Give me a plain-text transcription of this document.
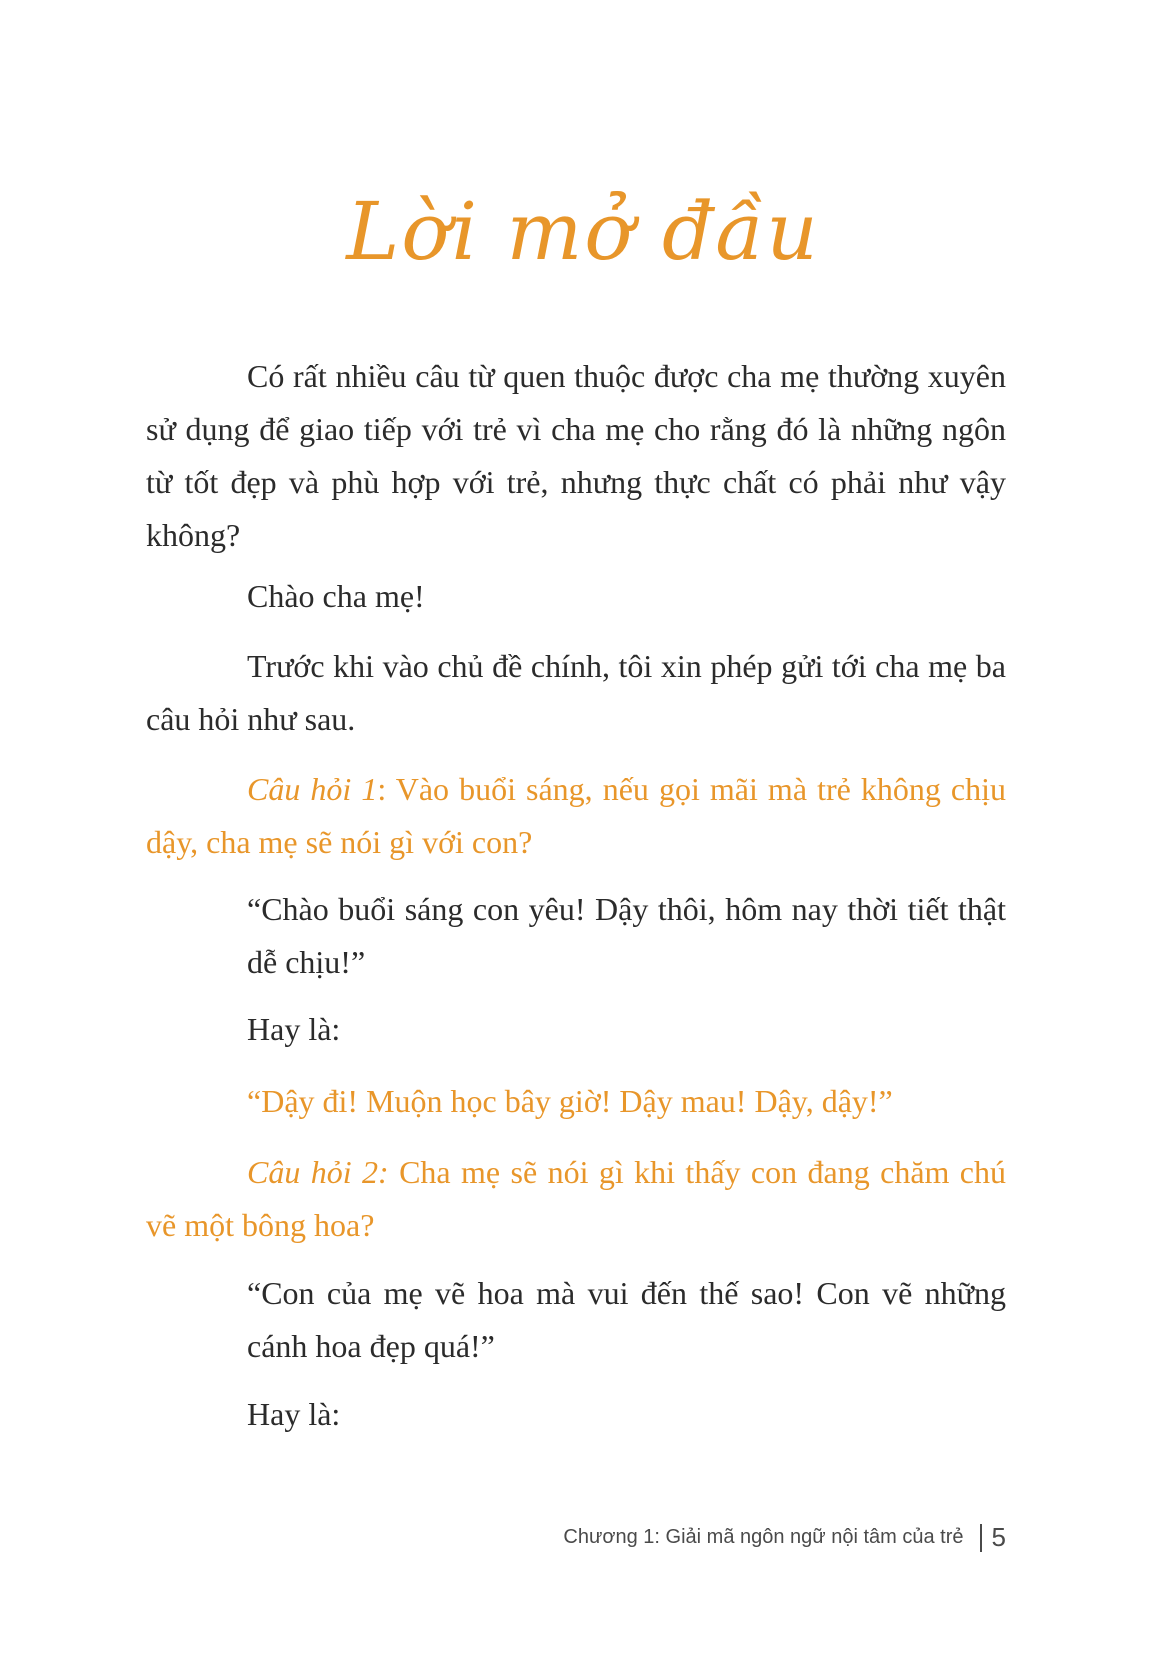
Lời mở đầu

Có rất nhiều câu từ quen thuộc được cha mẹ thường xuyên sử dụng để giao tiếp với trẻ vì cha mẹ cho rằng đó là những ngôn từ tốt đẹp và phù hợp với trẻ, nhưng thực chất có phải như vậy không?

Chào cha mẹ!

Trước khi vào chủ đề chính, tôi xin phép gửi tới cha mẹ ba câu hỏi như sau.

Câu hỏi 1: Vào buổi sáng, nếu gọi mãi mà trẻ không chịu dậy, cha mẹ sẽ nói gì với con?

“Chào buổi sáng con yêu! Dậy thôi, hôm nay thời tiết thật dễ chịu!”

Hay là:

“Dậy đi! Muộn học bây giờ! Dậy mau! Dậy, dậy!”

Câu hỏi 2: Cha mẹ sẽ nói gì khi thấy con đang chăm chú vẽ một bông hoa?

“Con của mẹ vẽ hoa mà vui đến thế sao! Con vẽ những cánh hoa đẹp quá!”

Hay là:

Chương 1: Giải mã ngôn ngữ nội tâm của trẻ 5
